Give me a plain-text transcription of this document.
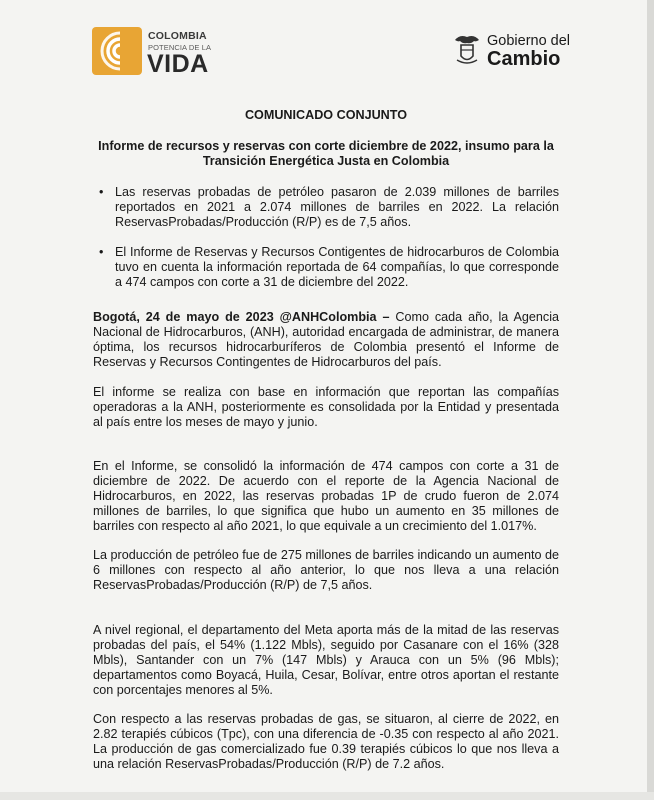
COLOMBIA
POTENCIA DE LA
VIDA
Gobierno del
Cambio
COMUNICADO CONJUNTO
Informe de recursos y reservas con corte diciembre de 2022, insumo para la Transición Energética Justa en Colombia
• Las reservas probadas de petróleo pasaron de 2.039 millones de barriles reportados en 2021 a 2.074 millones de barriles en 2022. La relación ReservasProbadas/Producción (R/P) es de 7,5 años.
• El Informe de Reservas y Recursos Contigentes de hidrocarburos de Colombia tuvo en cuenta la información reportada de 64 compañías, lo que corresponde a 474 campos con corte a 31 de diciembre del 2022.

Bogotá, 24 de mayo de 2023 @ANHColombia – Como cada año, la Agencia Nacional de Hidrocarburos, (ANH), autoridad encargada de administrar, de manera óptima, los recursos hidrocarburíferos de Colombia presentó el Informe de Reservas y Recursos Contingentes de Hidrocarburos del país.

El informe se realiza con base en información que reportan las compañías operadoras a la ANH, posteriormente es consolidada por la Entidad y presentada al país entre los meses de mayo y junio.

En el Informe, se consolidó la información de 474 campos con corte a 31 de diciembre de 2022. De acuerdo con el reporte de la Agencia Nacional de Hidrocarburos, en 2022, las reservas probadas 1P de crudo fueron de 2.074 millones de barriles, lo que significa que hubo un aumento en 35 millones de barriles con respecto al año 2021, lo que equivale a un crecimiento del 1.017%.

La producción de petróleo fue de 275 millones de barriles indicando un aumento de 6 millones con respecto al año anterior, lo que nos lleva a una relación ReservasProbadas/Producción (R/P) de 7,5 años.

A nivel regional, el departamento del Meta aporta más de la mitad de las reservas probadas del país, el 54% (1.122 Mbls), seguido por Casanare con el 16% (328 Mbls), Santander con un 7% (147 Mbls) y Arauca con un 5% (96 Mbls); departamentos como Boyacá, Huila, Cesar, Bolívar, entre otros aportan el restante con porcentajes menores al 5%.

Con respecto a las reservas probadas de gas, se situaron, al cierre de 2022, en 2.82 terapiés cúbicos (Tpc), con una diferencia de -0.35 con respecto al año 2021. La producción de gas comercializado fue 0.39 terapiés cúbicos lo que nos lleva a una relación ReservasProbadas/Producción (R/P) de 7.2 años.
